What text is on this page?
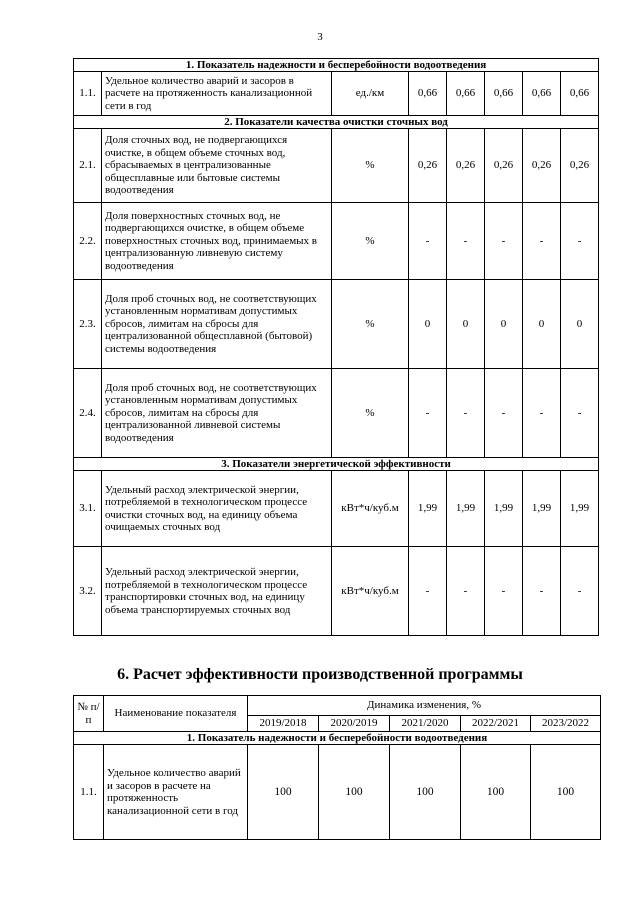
3
1. Показатель надежности и бесперебойности водоотведения							
1.1.	Удельное количество аварий и засоров в расчете на протяженность канализационной сети в год	ед./км	0,66	0,66	0,66	0,66	0,66
2. Показатели качества очистки сточных вод							
2.1.	Доля сточных вод, не подвергающихся очистке, в общем объеме сточных вод, сбрасываемых в централизованные общесплавные или бытовые системы водоотведения	%	0,26	0,26	0,26	0,26	0,26
2.2.	Доля поверхностных сточных вод, не подвергающихся очистке, в общем объеме поверхностных сточных вод, принимаемых в централизованную ливневую систему водоотведения	%	-	-	-	-	-
2.3.	Доля проб сточных вод, не соответствующих установленным нормативам допустимых сбросов, лимитам на сбросы для централизованной общесплавной (бытовой) системы водоотведения	%	0	0	0	0	0
2.4.	Доля проб сточных вод, не соответствующих установленным нормативам допустимых сбросов, лимитам на сбросы для централизованной ливневой системы водоотведения	%	-	-	-	-	-
3. Показатели энергетической эффективности							
3.1.	Удельный расход электрической энергии, потребляемой в технологическом процессе очистки сточных вод, на единицу объема очищаемых сточных вод	кВт*ч/куб.м	1,99	1,99	1,99	1,99	1,99
3.2.	Удельный расход электрической энергии, потребляемой в технологическом процессе транспортировки сточных вод, на единицу объема транспортируемых сточных вод	кВт*ч/куб.м	-	-	-	-	-
6. Расчет эффективности производственной программы
№ п/п	Наименование показателя	Динамика изменения, %				
		2019/2018	2020/2019	2021/2020	2022/2021	2023/2022
1. Показатель надежности и бесперебойности водоотведения						
1.1.	Удельное количество аварий и засоров в расчете на протяженность канализационной сети в год	100	100	100	100	100
